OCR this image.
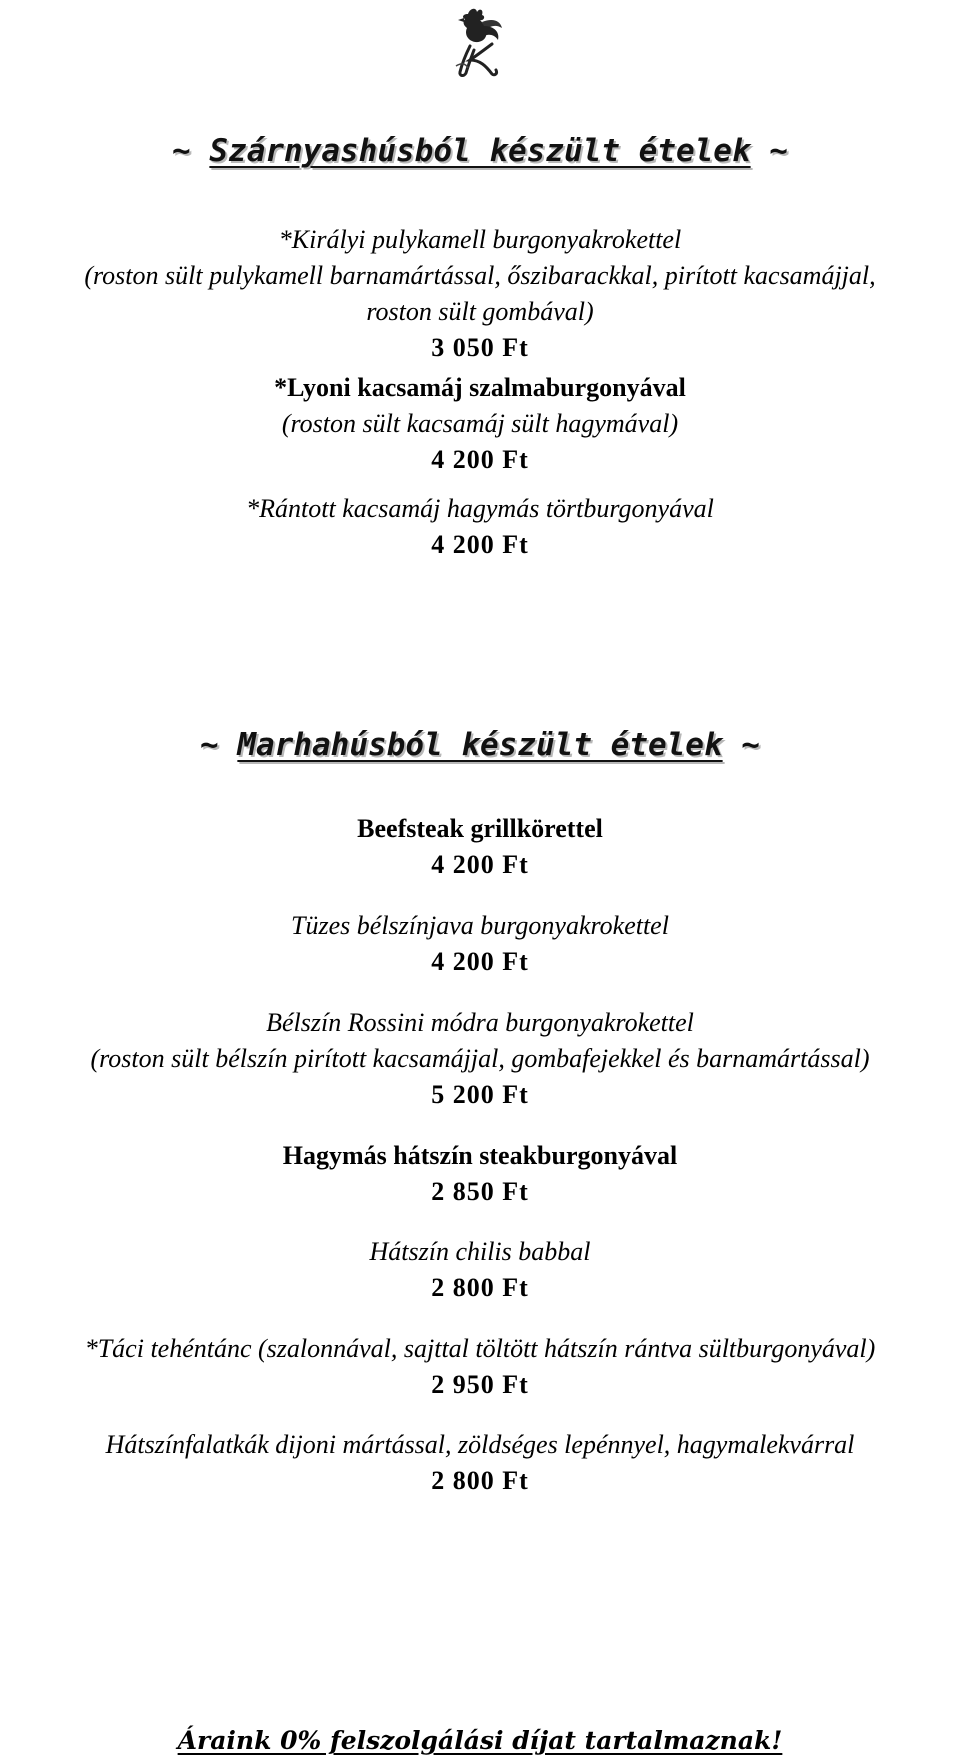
~ Szárnyashúsból készült ételek ~
*Királyi pulykamell burgonyakrokettel
(roston sült pulykamell barnamártással, őszibarackkal, pirított kacsamájjal,
roston sült gombával)
3 050 Ft
*Lyoni kacsamáj szalmaburgonyával
(roston sült kacsamáj sült hagymával)
4 200 Ft
*Rántott kacsamáj hagymás törtburgonyával
4 200 Ft
~ Marhahúsból készült ételek ~
Beefsteak grillkörettel
4 200 Ft
Tüzes bélszínjava burgonyakrokettel
4 200 Ft
Bélszín Rossini módra burgonyakrokettel
(roston sült bélszín pirított kacsamájjal, gombafejekkel és barnamártással)
5 200 Ft
Hagymás hátszín steakburgonyával
2 850 Ft
Hátszín chilis babbal
2 800 Ft
*Táci tehéntánc (szalonnával, sajttal töltött hátszín rántva sültburgonyával)
2 950 Ft
Hátszínfalatkák dijoni mártással, zöldséges lepénnyel, hagymalekvárral
2 800 Ft
Áraink 0% felszolgálási díjat tartalmaznak!
